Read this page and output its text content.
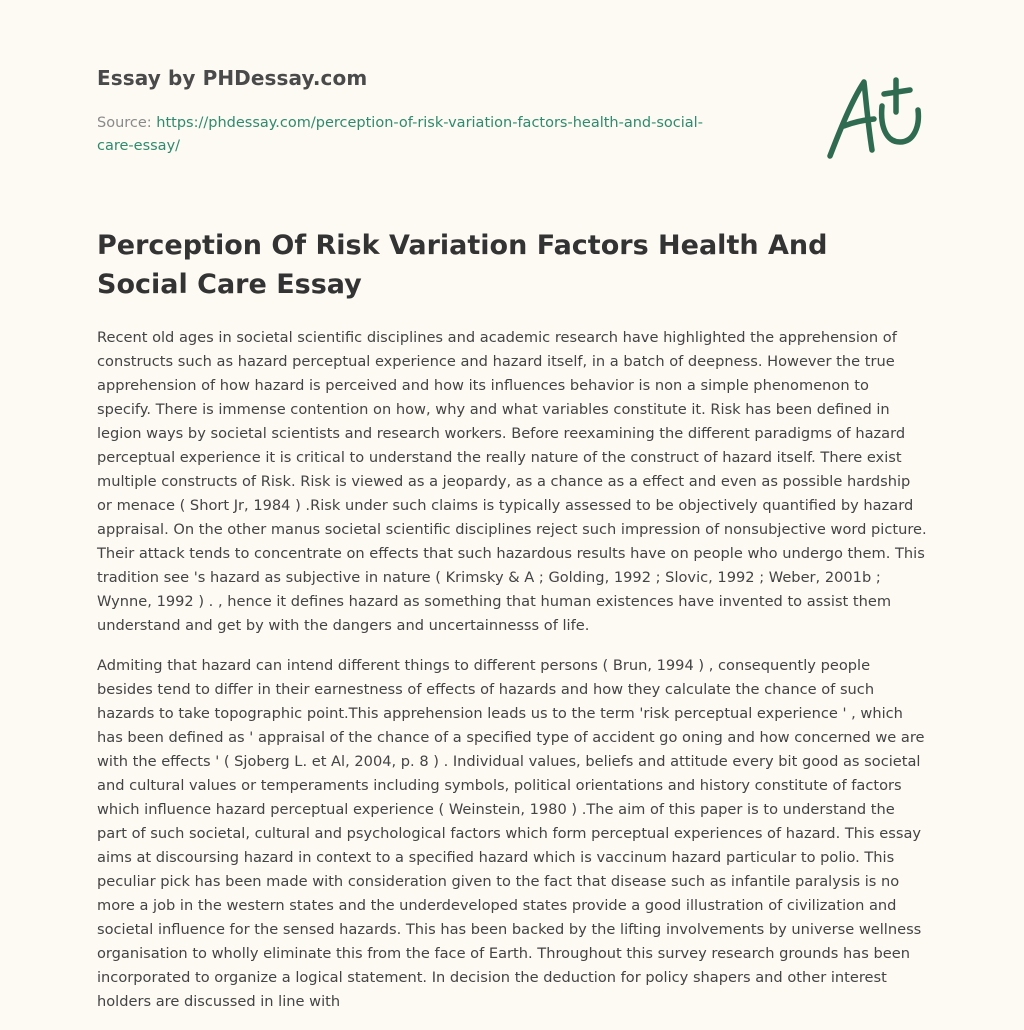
Essay by PHDessay.com
Source: https://phdessay.com/perception-of-risk-variation-factors-health-and-social-care-essay/
Perception Of Risk Variation Factors Health And Social Care Essay

Recent old ages in societal scientific disciplines and academic research have highlighted the apprehension of constructs such as hazard perceptual experience and hazard itself, in a batch of deepness. However the true apprehension of how hazard is perceived and how its influences behavior is non a simple phenomenon to specify. There is immense contention on how, why and what variables constitute it. Risk has been defined in legion ways by societal scientists and research workers. Before reexamining the different paradigms of hazard perceptual experience it is critical to understand the really nature of the construct of hazard itself. There exist multiple constructs of Risk. Risk is viewed as a jeopardy, as a chance as a effect and even as possible hardship or menace ( Short Jr, 1984 ) .Risk under such claims is typically assessed to be objectively quantified by hazard appraisal. On the other manus societal scientific disciplines reject such impression of nonsubjective word picture. Their attack tends to concentrate on effects that such hazardous results have on people who undergo them. This tradition see 's hazard as subjective in nature ( Krimsky & A ; Golding, 1992 ; Slovic, 1992 ; Weber, 2001b ; Wynne, 1992 ) . , hence it defines hazard as something that human existences have invented to assist them understand and get by with the dangers and uncertainnesss of life.

Admiting that hazard can intend different things to different persons ( Brun, 1994 ) , consequently people besides tend to differ in their earnestness of effects of hazards and how they calculate the chance of such hazards to take topographic point.This apprehension leads us to the term 'risk perceptual experience ' , which has been defined as ' appraisal of the chance of a specified type of accident go oning and how concerned we are with the effects ' ( Sjoberg L. et Al, 2004, p. 8 ) . Individual values, beliefs and attitude every bit good as societal and cultural values or temperaments including symbols, political orientations and history constitute of factors which influence hazard perceptual experience ( Weinstein, 1980 ) .The aim of this paper is to understand the part of such societal, cultural and psychological factors which form perceptual experiences of hazard. This essay aims at discoursing hazard in context to a specified hazard which is vaccinum hazard particular to polio. This peculiar pick has been made with consideration given to the fact that disease such as infantile paralysis is no more a job in the western states and the underdeveloped states provide a good illustration of civilization and societal influence for the sensed hazards. This has been backed by the lifting involvements by universe wellness organisation to wholly eliminate this from the face of Earth. Throughout this survey research grounds has been incorporated to organize a logical statement. In decision the deduction for policy shapers and other interest holders are discussed in line with
